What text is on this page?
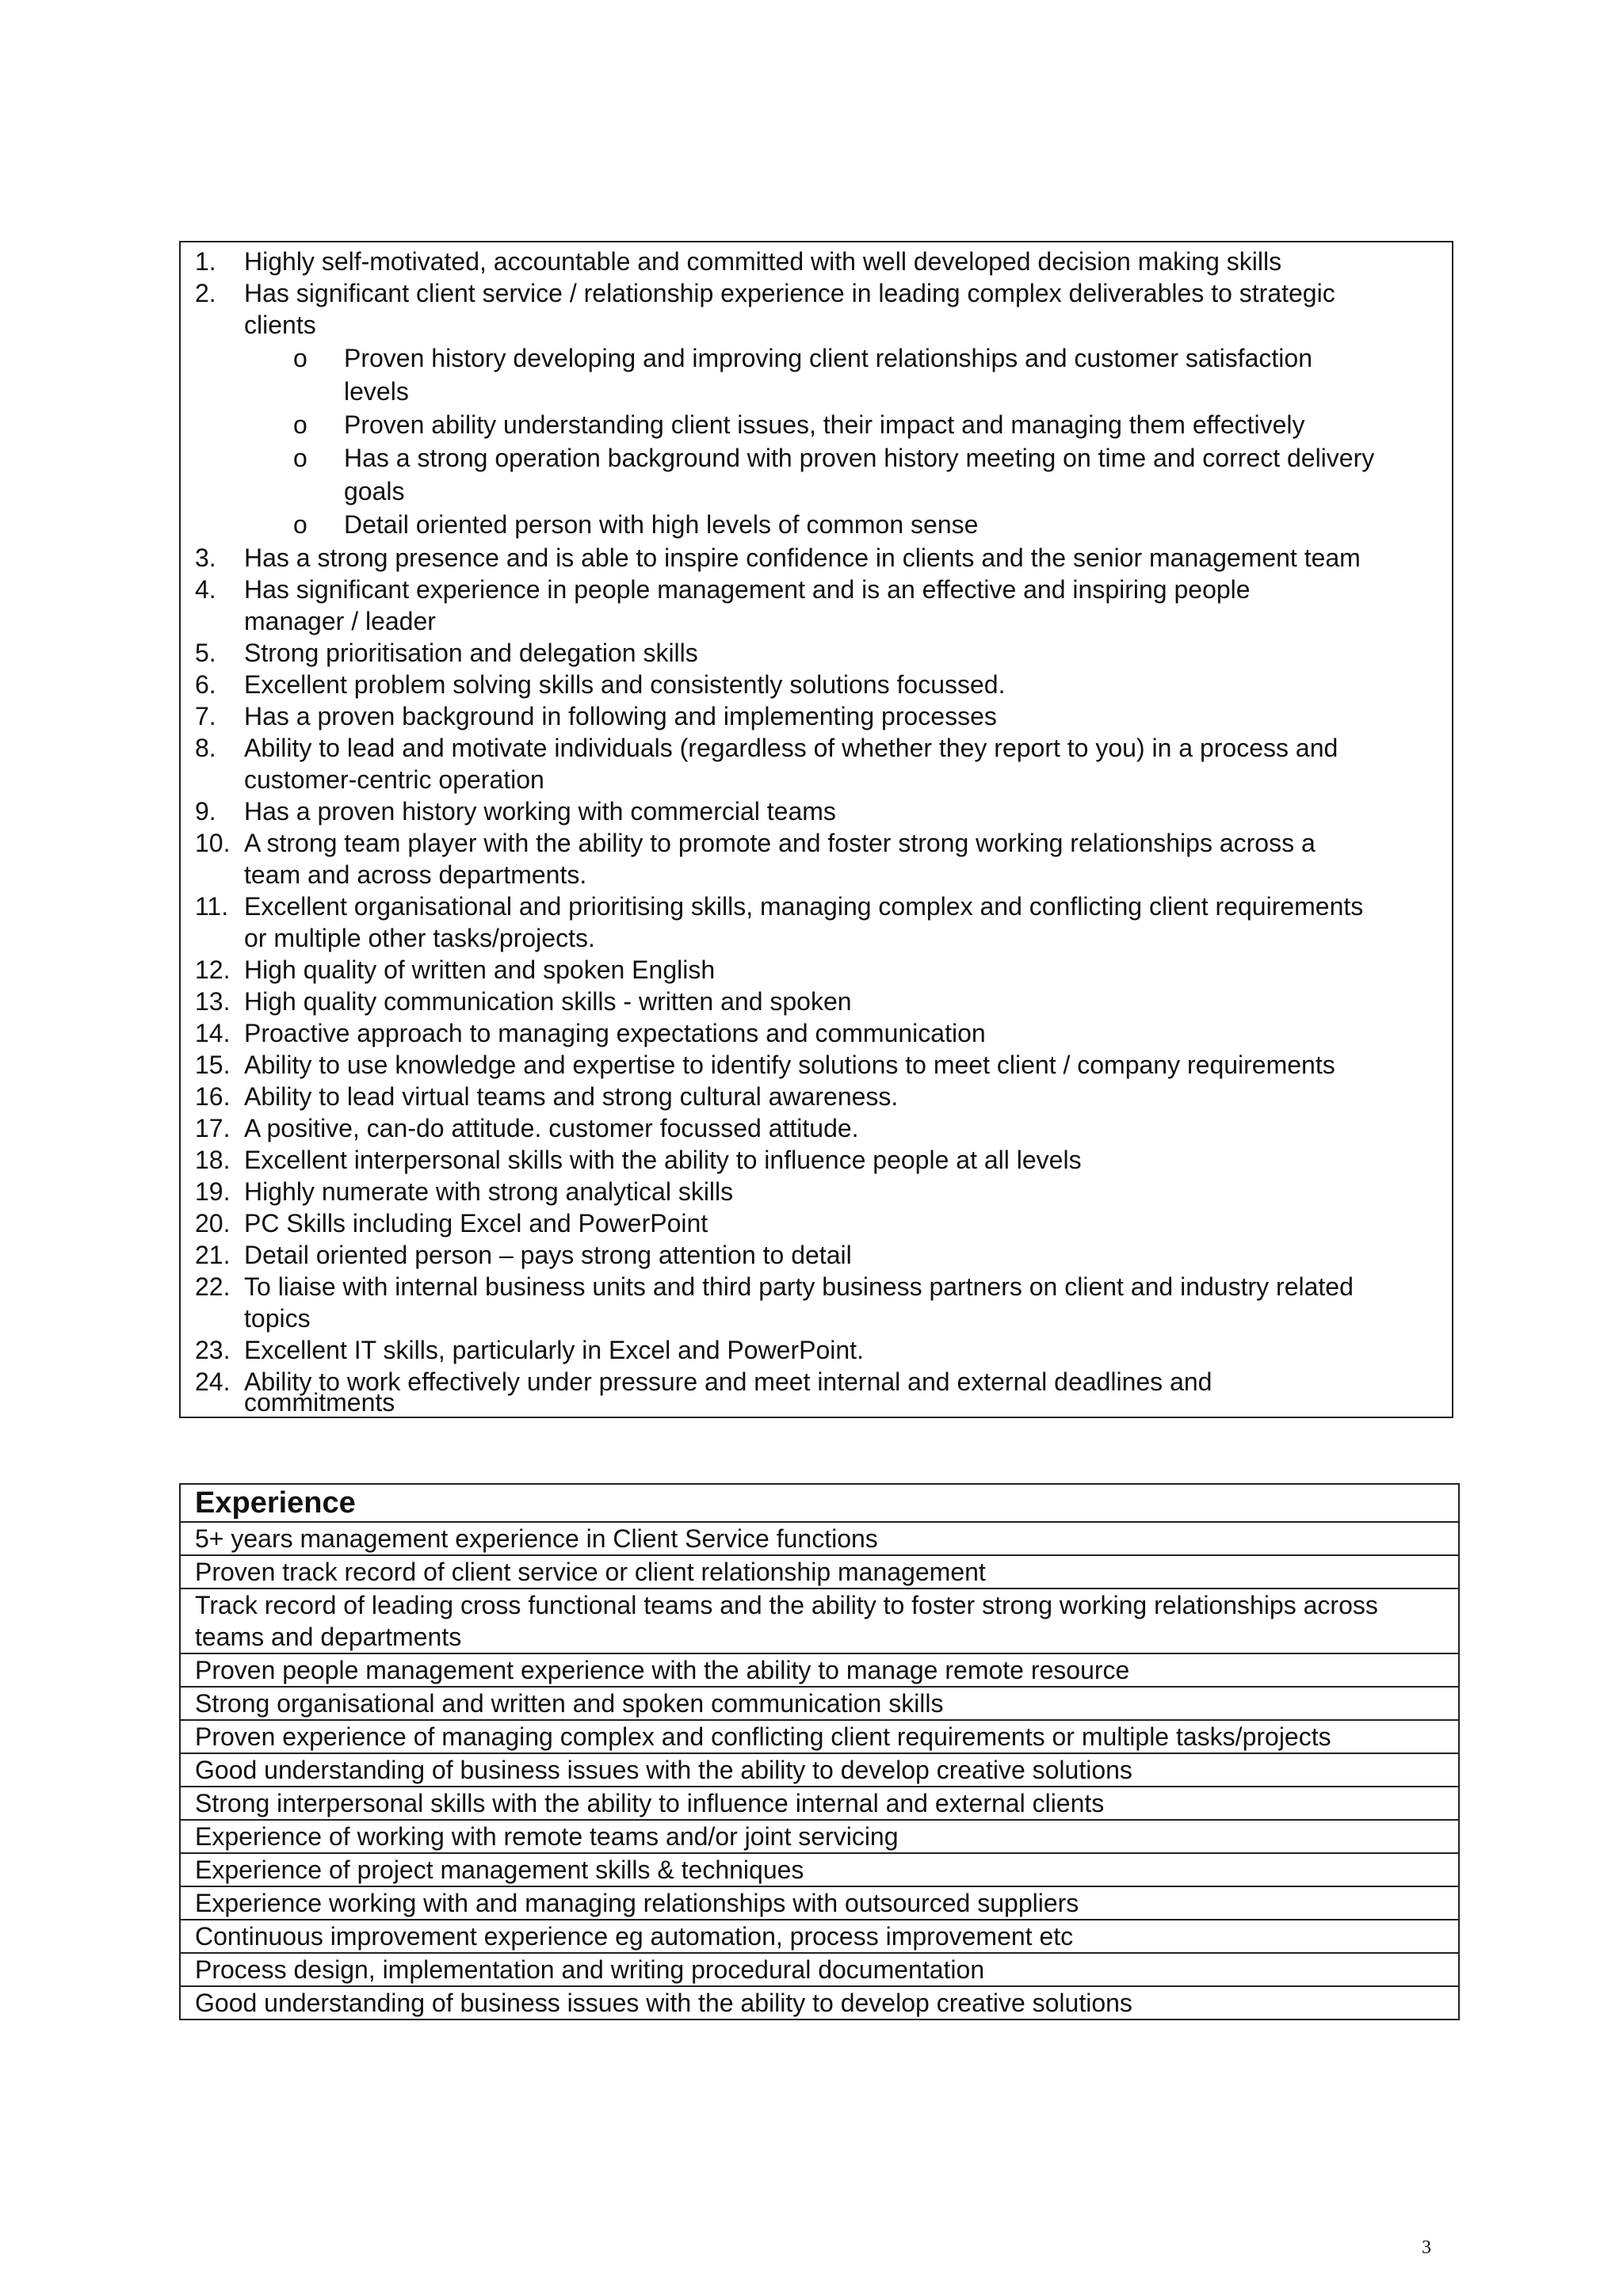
1.	Highly self-motivated, accountable and committed with well developed decision making skills
2.	Has significant client service / relationship experience in leading complex deliverables to strategic
clients
o Proven history developing and improving client relationships and customer satisfaction
levels
o Proven ability understanding client issues, their impact and managing them effectively
o Has a strong operation background with proven history meeting on time and correct delivery
goals
o Detail oriented person with high levels of common sense
3.	Has a strong presence and is able to inspire confidence in clients and the senior management team
4.	Has significant experience in people management and is an effective and inspiring people
manager / leader
5.	Strong prioritisation and delegation skills
6.	Excellent problem solving skills and consistently solutions focussed.
7.	Has a proven background in following and implementing processes
8.	Ability to lead and motivate individuals (regardless of whether they report to you) in a process and
customer-centric operation
9.	Has a proven history working with commercial teams
10. A strong team player with the ability to promote and foster strong working relationships across a
team and across departments.
11. Excellent organisational and prioritising skills, managing complex and conflicting client requirements
or multiple other tasks/projects.
12. High quality of written and spoken English
13. High quality communication skills - written and spoken
14. Proactive approach to managing expectations and communication
15. Ability to use knowledge and expertise to identify solutions to meet client / company requirements
16. Ability to lead virtual teams and strong cultural awareness.
17. A positive, can-do attitude. customer focussed attitude.
18. Excellent interpersonal skills with the ability to influence people at all levels
19. Highly numerate with strong analytical skills
20. PC Skills including Excel and PowerPoint
21. Detail oriented person – pays strong attention to detail
22. To liaise with internal business units and third party business partners on client and industry related
topics
23. Excellent IT skills, particularly in Excel and PowerPoint.
24. Ability to work effectively under pressure and meet internal and external deadlines and
commitments
Experience
5+ years management experience in Client Service functions
Proven track record of client service or client relationship management
Track record of leading cross functional teams and the ability to foster strong working relationships across teams and departments
Proven people management experience with the ability to manage remote resource
Strong organisational and written and spoken communication skills
Proven experience of managing complex and conflicting client requirements or multiple tasks/projects
Good understanding of business issues with the ability to develop creative solutions
Strong interpersonal skills with the ability to influence internal and external clients
Experience of working with remote teams and/or joint servicing
Experience of project management skills & techniques
Experience working with and managing relationships with outsourced suppliers
Continuous improvement experience eg automation, process improvement etc
Process design, implementation and writing procedural documentation
Good understanding of business issues with the ability to develop creative solutions
3
